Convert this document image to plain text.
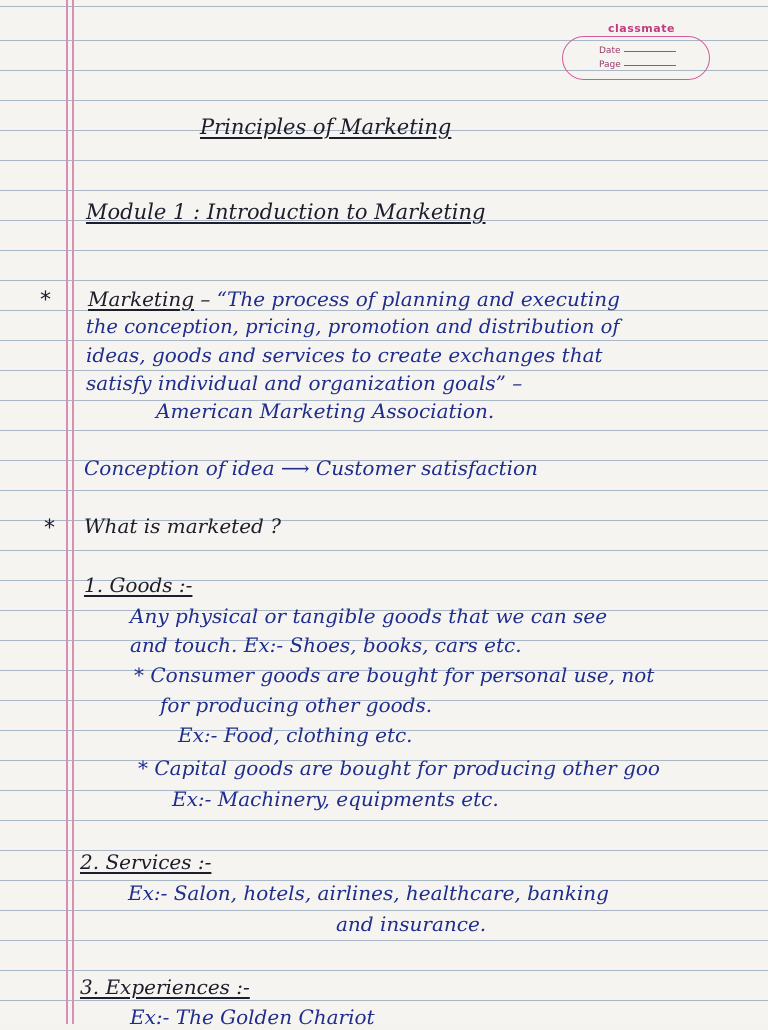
classmate
Date
Page
Principles of Marketing
Module 1 : Introduction to Marketing
* Marketing – “The process of planning and executing
the conception, pricing, promotion and distribution of
ideas, goods and services to create exchanges that
satisfy individual and organization goals” –
American Marketing Association.
Conception of idea ⟶ Customer satisfaction
* What is marketed ?
1. Goods :-
Any physical or tangible goods that we can see
and touch. Ex:- Shoes, books, cars etc.
* Consumer goods are bought for personal use, not
for producing other goods.
Ex:- Food, clothing etc.
* Capital goods are bought for producing other goo
Ex:- Machinery, equipments etc.
2. Services :-
Ex:- Salon, hotels, airlines, healthcare, banking
and insurance.
3. Experiences :-
Ex:- The Golden Chariot
